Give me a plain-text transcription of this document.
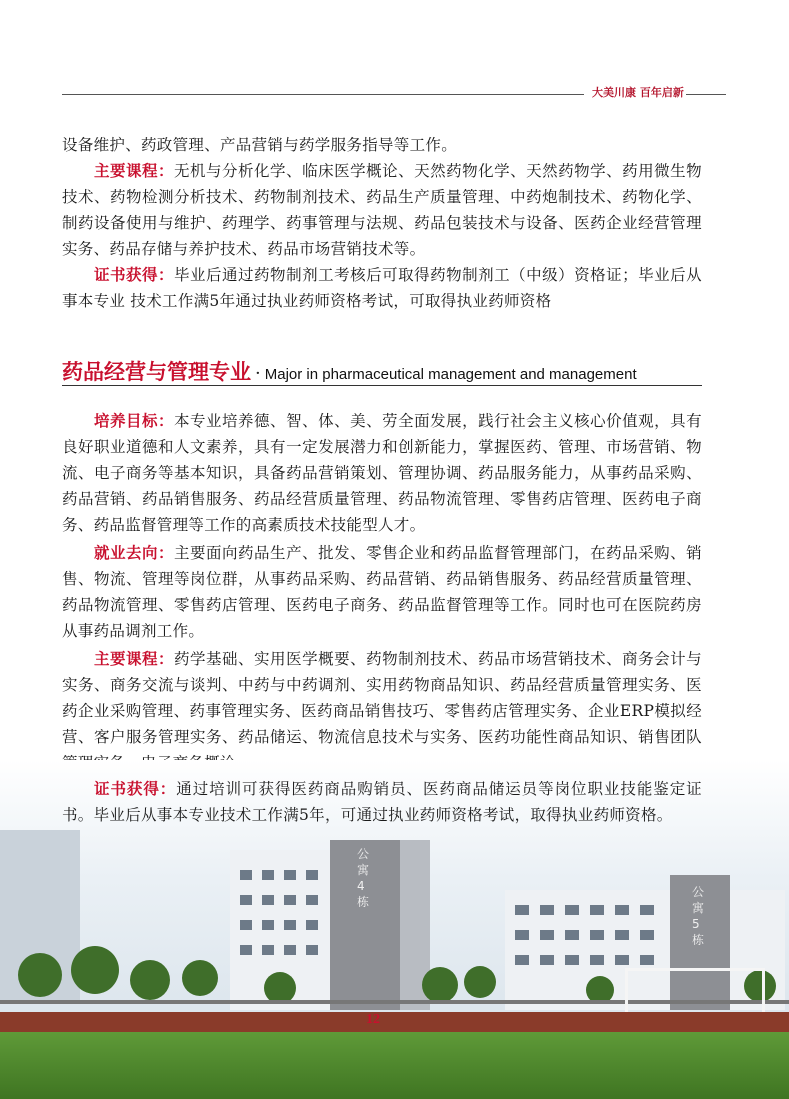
大美川康 百年启新
设备维护、药政管理、产品营销与药学服务指导等工作。
主要课程：无机与分析化学、临床医学概论、天然药物化学、天然药物学、药用微生物技术、药物检测分析技术、药物制剂技术、药品生产质量管理、中药炮制技术、药物化学、制药设备使用与维护、药理学、药事管理与法规、药品包装技术与设备、医药企业经营管理实务、药品存储与养护技术、药品市场营销技术等。
证书获得：毕业后通过药物制剂工考核后可取得药物制剂工（中级）资格证；毕业后从事本专业 技术工作满5年通过执业药师资格考试，可取得执业药师资格
药品经营与管理专业 · Major in pharmaceutical management and management
培养目标：本专业培养德、智、体、美、劳全面发展，践行社会主义核心价值观，具有良好职业道德和人文素养，具有一定发展潜力和创新能力，掌握医药、管理、市场营销、物流、电子商务等基本知识，具备药品营销策划、管理协调、药品服务能力，从事药品采购、药品营销、药品销售服务、药品经营质量管理、药品物流管理、零售药店管理、医药电子商务、药品监督管理等工作的高素质技术技能型人才。
就业去向：主要面向药品生产、批发、零售企业和药品监督管理部门，在药品采购、销售、物流、管理等岗位群，从事药品采购、药品营销、药品销售服务、药品经营质量管理、药品物流管理、零售药店管理、医药电子商务、药品监督管理等工作。同时也可在医院药房从事药品调剂工作。
主要课程：药学基础、实用医学概要、药物制剂技术、药品市场营销技术、商务会计与实务、商务交流与谈判、中药与中药调剂、实用药物商品知识、药品经营质量管理实务、医药企业采购管理、药事管理实务、医药商品销售技巧、零售药店管理实务、企业ERP模拟经营、客户服务管理实务、药品储运、物流信息技术与实务、医药功能性商品知识、销售团队
公寓4栋
公寓5栋
证书获得：通过培训可获得医药商品购销员、医药商品储运员等岗位职业技能鉴定证书。毕业后从事本专业技术工作满5年，可通过执业药师资格考试，取得执业药师资格。
12
